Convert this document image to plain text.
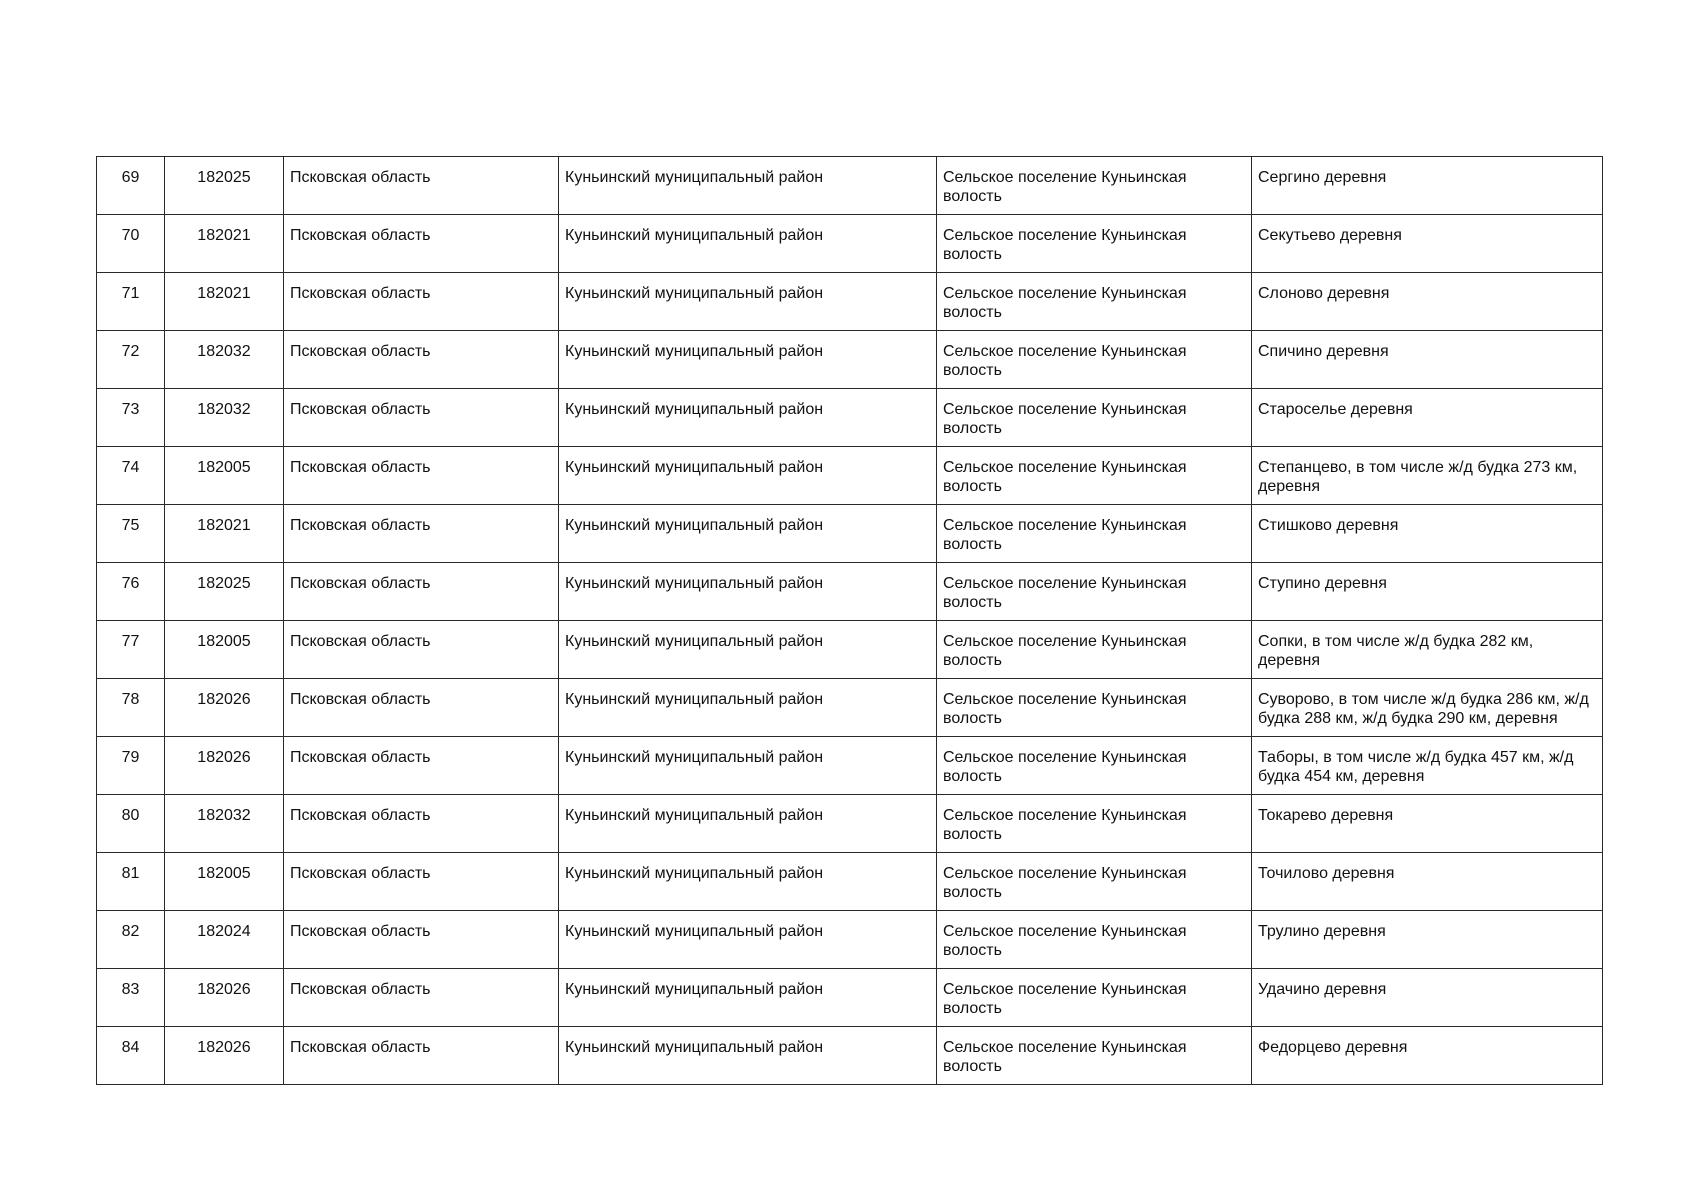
69	182025	Псковская область	Куньинский муниципальный район	Сельское поселение Куньинская волость	Сергино деревня
70	182021	Псковская область	Куньинский муниципальный район	Сельское поселение Куньинская волость	Секутьево деревня
71	182021	Псковская область	Куньинский муниципальный район	Сельское поселение Куньинская волость	Слоново деревня
72	182032	Псковская область	Куньинский муниципальный район	Сельское поселение Куньинская волость	Спичино деревня
73	182032	Псковская область	Куньинский муниципальный район	Сельское поселение Куньинская волость	Староселье деревня
74	182005	Псковская область	Куньинский муниципальный район	Сельское поселение Куньинская волость	Степанцево, в том числе ж/д будка 273 км, деревня
75	182021	Псковская область	Куньинский муниципальный район	Сельское поселение Куньинская волость	Стишково деревня
76	182025	Псковская область	Куньинский муниципальный район	Сельское поселение Куньинская волость	Ступино деревня
77	182005	Псковская область	Куньинский муниципальный район	Сельское поселение Куньинская волость	Сопки, в том числе ж/д будка 282 км, деревня
78	182026	Псковская область	Куньинский муниципальный район	Сельское поселение Куньинская волость	Суворово, в том числе ж/д будка 286 км, ж/д будка 288 км, ж/д будка 290 км, деревня
79	182026	Псковская область	Куньинский муниципальный район	Сельское поселение Куньинская волость	Таборы, в том числе ж/д будка 457 км, ж/д будка 454 км, деревня
80	182032	Псковская область	Куньинский муниципальный район	Сельское поселение Куньинская волость	Токарево деревня
81	182005	Псковская область	Куньинский муниципальный район	Сельское поселение Куньинская волость	Точилово деревня
82	182024	Псковская область	Куньинский муниципальный район	Сельское поселение Куньинская волость	Трулино деревня
83	182026	Псковская область	Куньинский муниципальный район	Сельское поселение Куньинская волость	Удачино деревня
84	182026	Псковская область	Куньинский муниципальный район	Сельское поселение Куньинская волость	Федорцево деревня
